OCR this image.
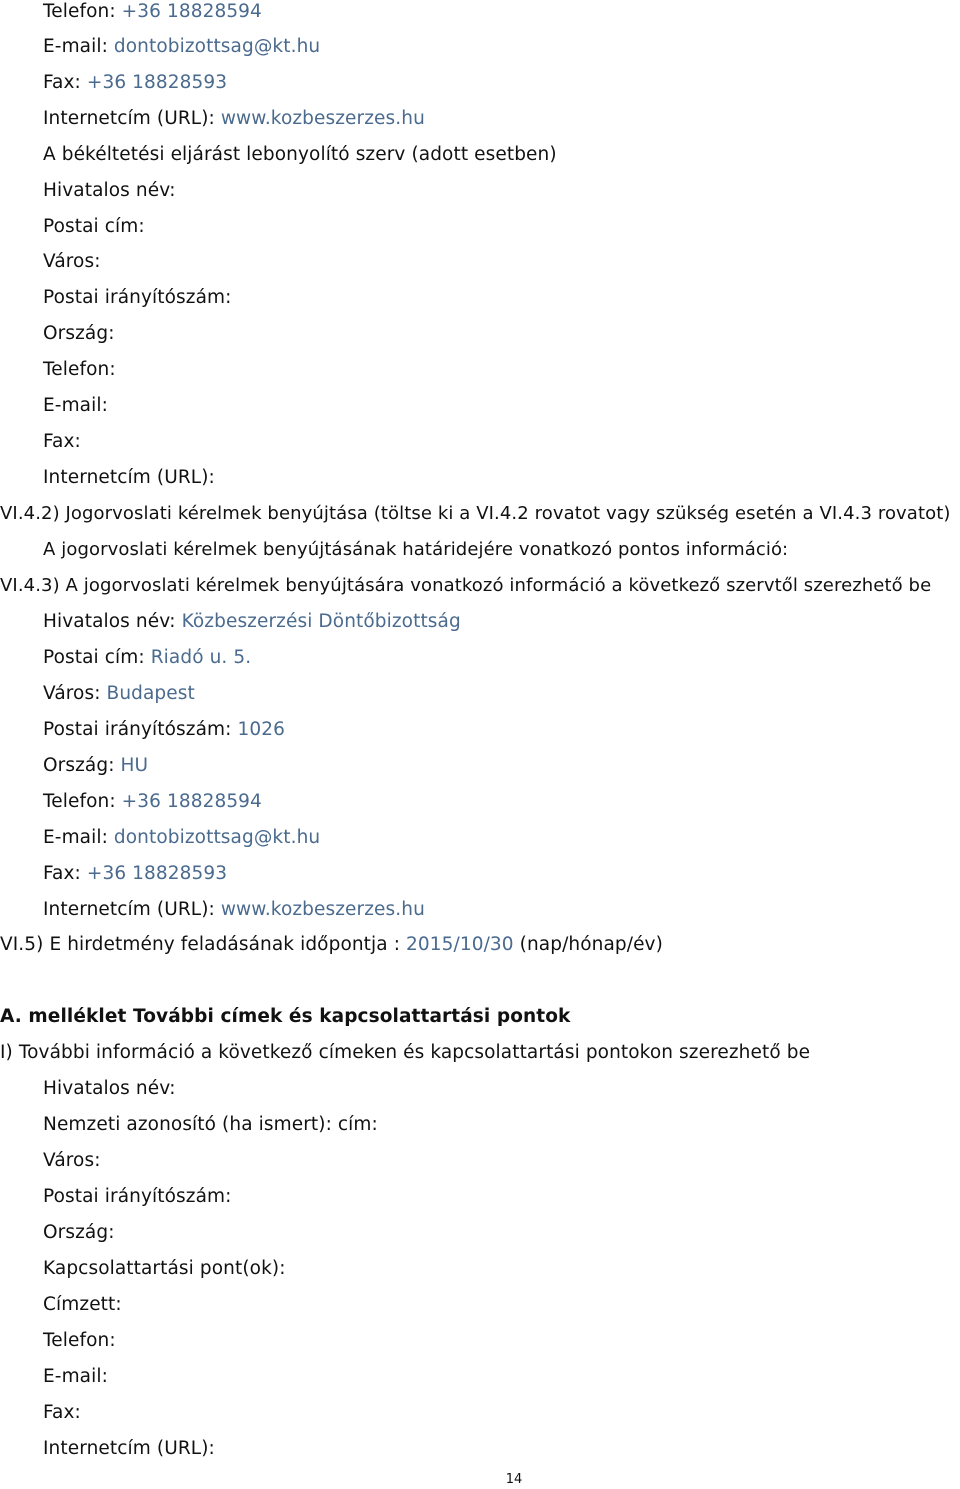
Telefon: +36 18828594
E-mail: dontobizottsag@kt.hu
Fax: +36 18828593
Internetcím (URL): www.kozbeszerzes.hu
A békéltetési eljárást lebonyolító szerv (adott esetben)
Hivatalos név:
Postai cím:
Város:
Postai irányítószám:
Ország:
Telefon:
E-mail:
Fax:
Internetcím (URL):
VI.4.2) Jogorvoslati kérelmek benyújtása (töltse ki a VI.4.2 rovatot vagy szükség esetén a VI.4.3 rovatot)
A jogorvoslati kérelmek benyújtásának határidejére vonatkozó pontos információ:
VI.4.3) A jogorvoslati kérelmek benyújtására vonatkozó információ a következő szervtől szerezhető be
Hivatalos név: Közbeszerzési Döntőbizottság
Postai cím: Riadó u. 5.
Város: Budapest
Postai irányítószám: 1026
Ország: HU
Telefon: +36 18828594
E-mail: dontobizottsag@kt.hu
Fax: +36 18828593
Internetcím (URL): www.kozbeszerzes.hu
VI.5) E hirdetmény feladásának időpontja : 2015/10/30 (nap/hónap/év)
A. melléklet További címek és kapcsolattartási pontok
I) További információ a következő címeken és kapcsolattartási pontokon szerezhető be
Hivatalos név:
Nemzeti azonosító (ha ismert): cím:
Város:
Postai irányítószám:
Ország:
Kapcsolattartási pont(ok):
Címzett:
Telefon:
E-mail:
Fax:
Internetcím (URL):
14
